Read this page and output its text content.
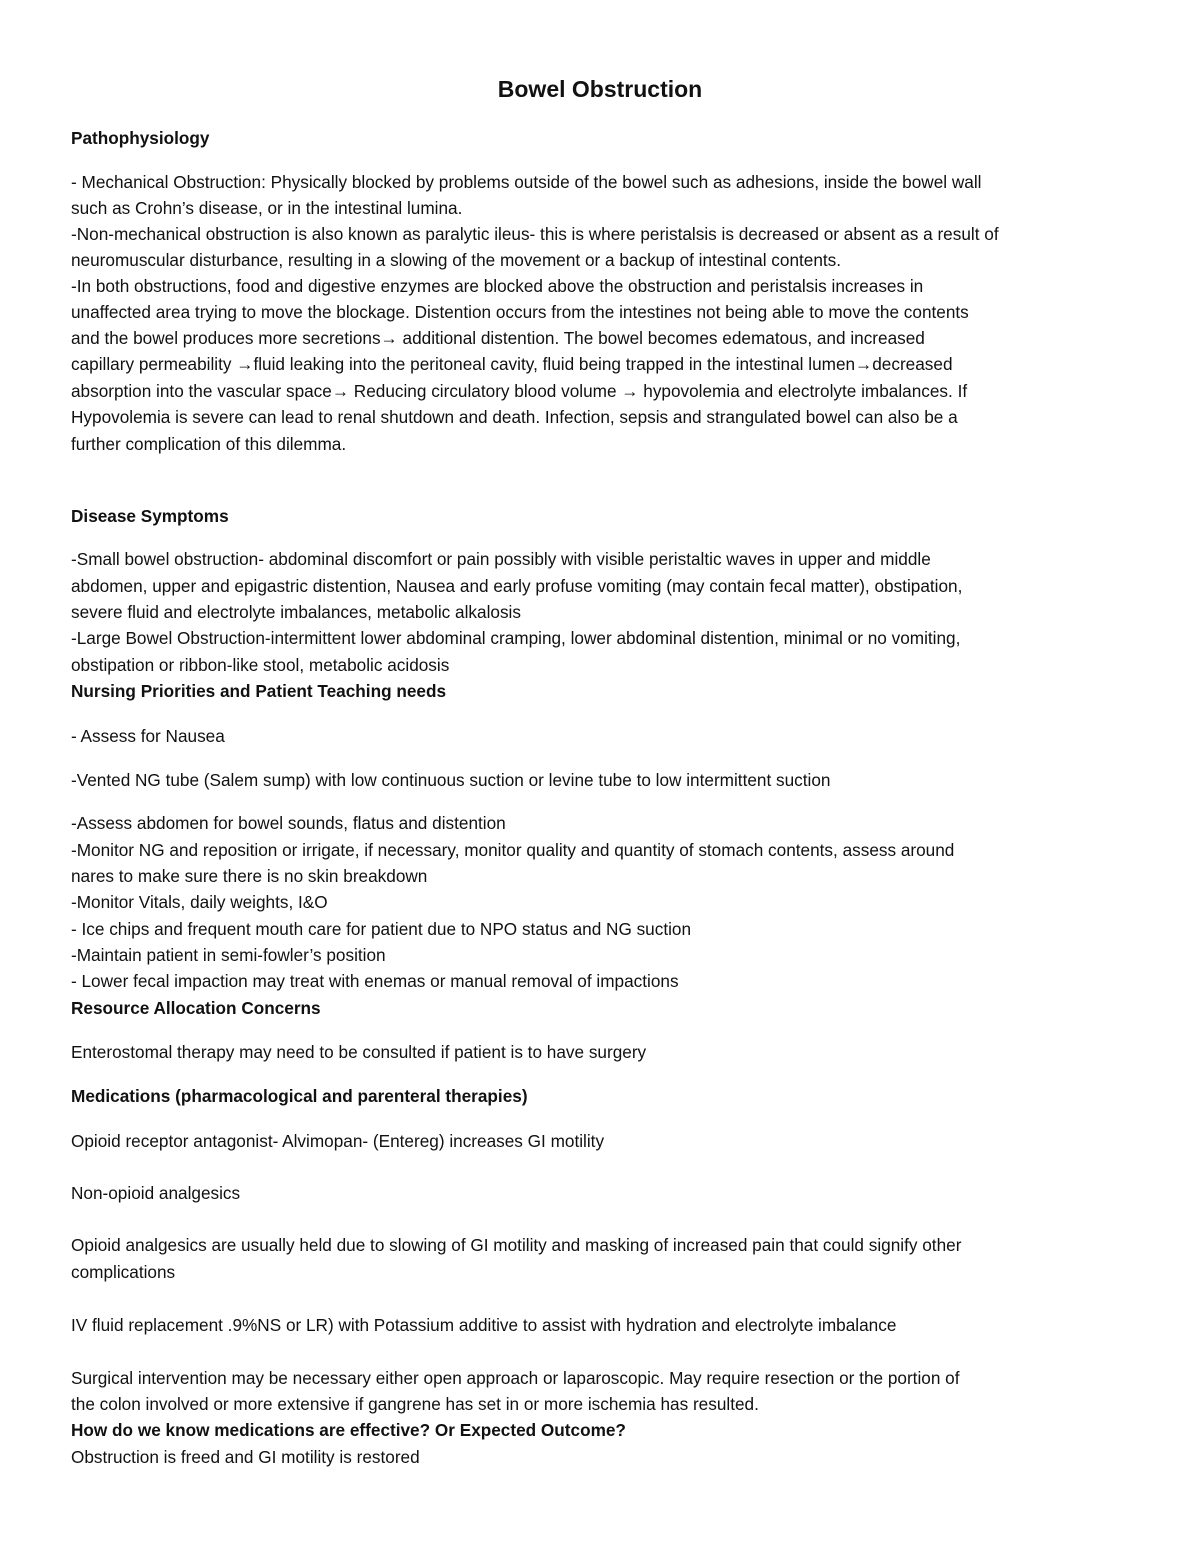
Bowel Obstruction
Pathophysiology
- Mechanical Obstruction: Physically blocked by problems outside of the bowel such as adhesions, inside the bowel wall
such as Crohn’s disease, or in the intestinal lumina.
-Non-mechanical obstruction is also known as paralytic ileus- this is where peristalsis is decreased or absent as a result of
neuromuscular disturbance, resulting in a slowing of the movement or a backup of intestinal contents.
-In both obstructions, food and digestive enzymes are blocked above the obstruction and peristalsis increases in
unaffected area trying to move the blockage. Distention occurs from the intestines not being able to move the contents
and the bowel produces more secretions→ additional distention. The bowel becomes edematous, and increased
capillary permeability →fluid leaking into the peritoneal cavity, fluid being trapped in the intestinal lumen→decreased
absorption into the vascular space→ Reducing circulatory blood volume → hypovolemia and electrolyte imbalances. If
Hypovolemia is severe can lead to renal shutdown and death. Infection, sepsis and strangulated bowel can also be a
further complication of this dilemma.
Disease Symptoms
-Small bowel obstruction- abdominal discomfort or pain possibly with visible peristaltic waves in upper and middle
abdomen, upper and epigastric distention, Nausea and early profuse vomiting (may contain fecal matter), obstipation,
severe fluid and electrolyte imbalances, metabolic alkalosis
-Large Bowel Obstruction-intermittent lower abdominal cramping, lower abdominal distention, minimal or no vomiting,
obstipation or ribbon-like stool, metabolic acidosis
Nursing Priorities and Patient Teaching needs
- Assess for Nausea
-Vented NG tube (Salem sump) with low continuous suction or levine tube to low intermittent suction
-Assess abdomen for bowel sounds, flatus and distention
-Monitor NG and reposition or irrigate, if necessary, monitor quality and quantity of stomach contents, assess around
nares to make sure there is no skin breakdown
-Monitor Vitals, daily weights, I&O
- Ice chips and frequent mouth care for patient due to NPO status and NG suction
-Maintain patient in semi-fowler’s position
- Lower fecal impaction may treat with enemas or manual removal of impactions
Resource Allocation Concerns
Enterostomal therapy may need to be consulted if patient is to have surgery
Medications (pharmacological and parenteral therapies)
Opioid receptor antagonist- Alvimopan- (Entereg) increases GI motility
Non-opioid analgesics
Opioid analgesics are usually held due to slowing of GI motility and masking of increased pain that could signify other
complications
IV fluid replacement .9%NS or LR) with Potassium additive to assist with hydration and electrolyte imbalance
Surgical intervention may be necessary either open approach or laparoscopic. May require resection or the portion of
the colon involved or more extensive if gangrene has set in or more ischemia has resulted.
How do we know medications are effective? Or Expected Outcome?
Obstruction is freed and GI motility is restored
